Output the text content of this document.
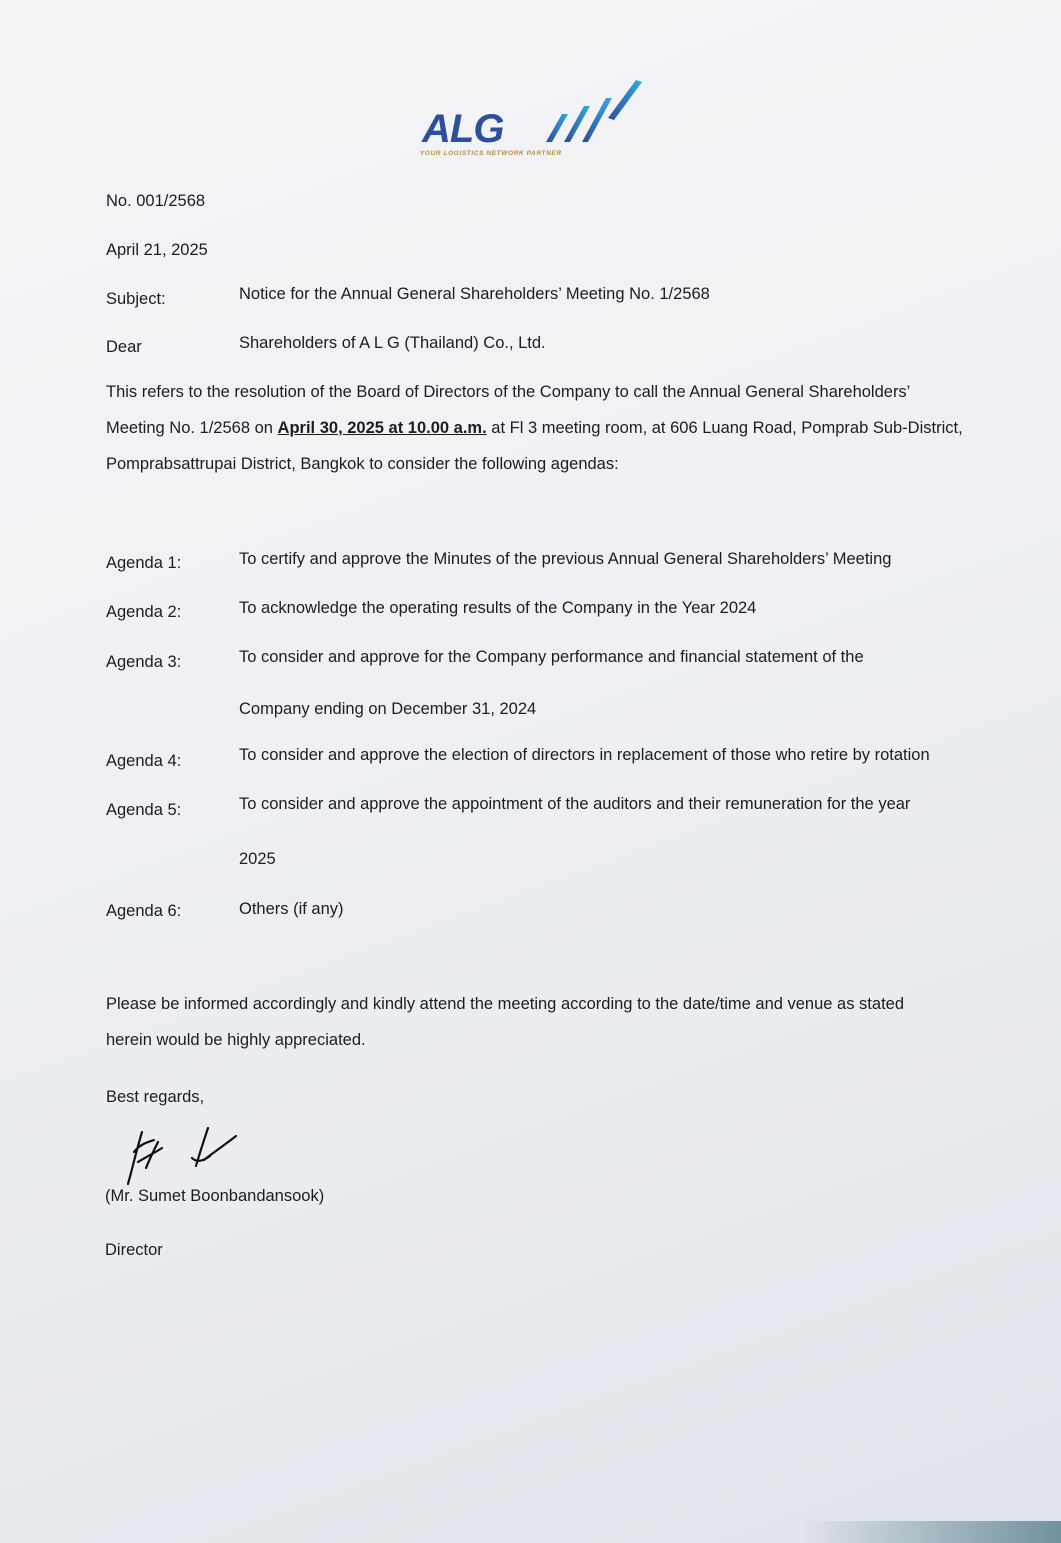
ALG
YOUR LOGISTICS NETWORK PARTNER
No. 001/2568
April 21, 2025
Subject:	Notice for the Annual General Shareholders’ Meeting No. 1/2568
Dear	Shareholders of A L G (Thailand) Co., Ltd.
This refers to the resolution of the Board of Directors of the Company to call the Annual General Shareholders’ Meeting No. 1/2568 on April 30, 2025 at 10.00 a.m. at Fl 3 meeting room, at 606 Luang Road, Pomprab Sub-District, Pomprabsattrupai District, Bangkok to consider the following agendas:
Agenda 1:	To certify and approve the Minutes of the previous Annual General Shareholders’ Meeting
Agenda 2:	To acknowledge the operating results of the Company in the Year 2024
Agenda 3:	To consider and approve for the Company performance and financial statement of the
Company ending on December 31, 2024
Agenda 4:	To consider and approve the election of directors in replacement of those who retire by rotation
Agenda 5:	To consider and approve the appointment of the auditors and their remuneration for the year
2025
Agenda 6:	Others (if any)
Please be informed accordingly and kindly attend the meeting according to the date/time and venue as stated herein would be highly appreciated.
Best regards,
(Mr. Sumet Boonbandansook)
Director
